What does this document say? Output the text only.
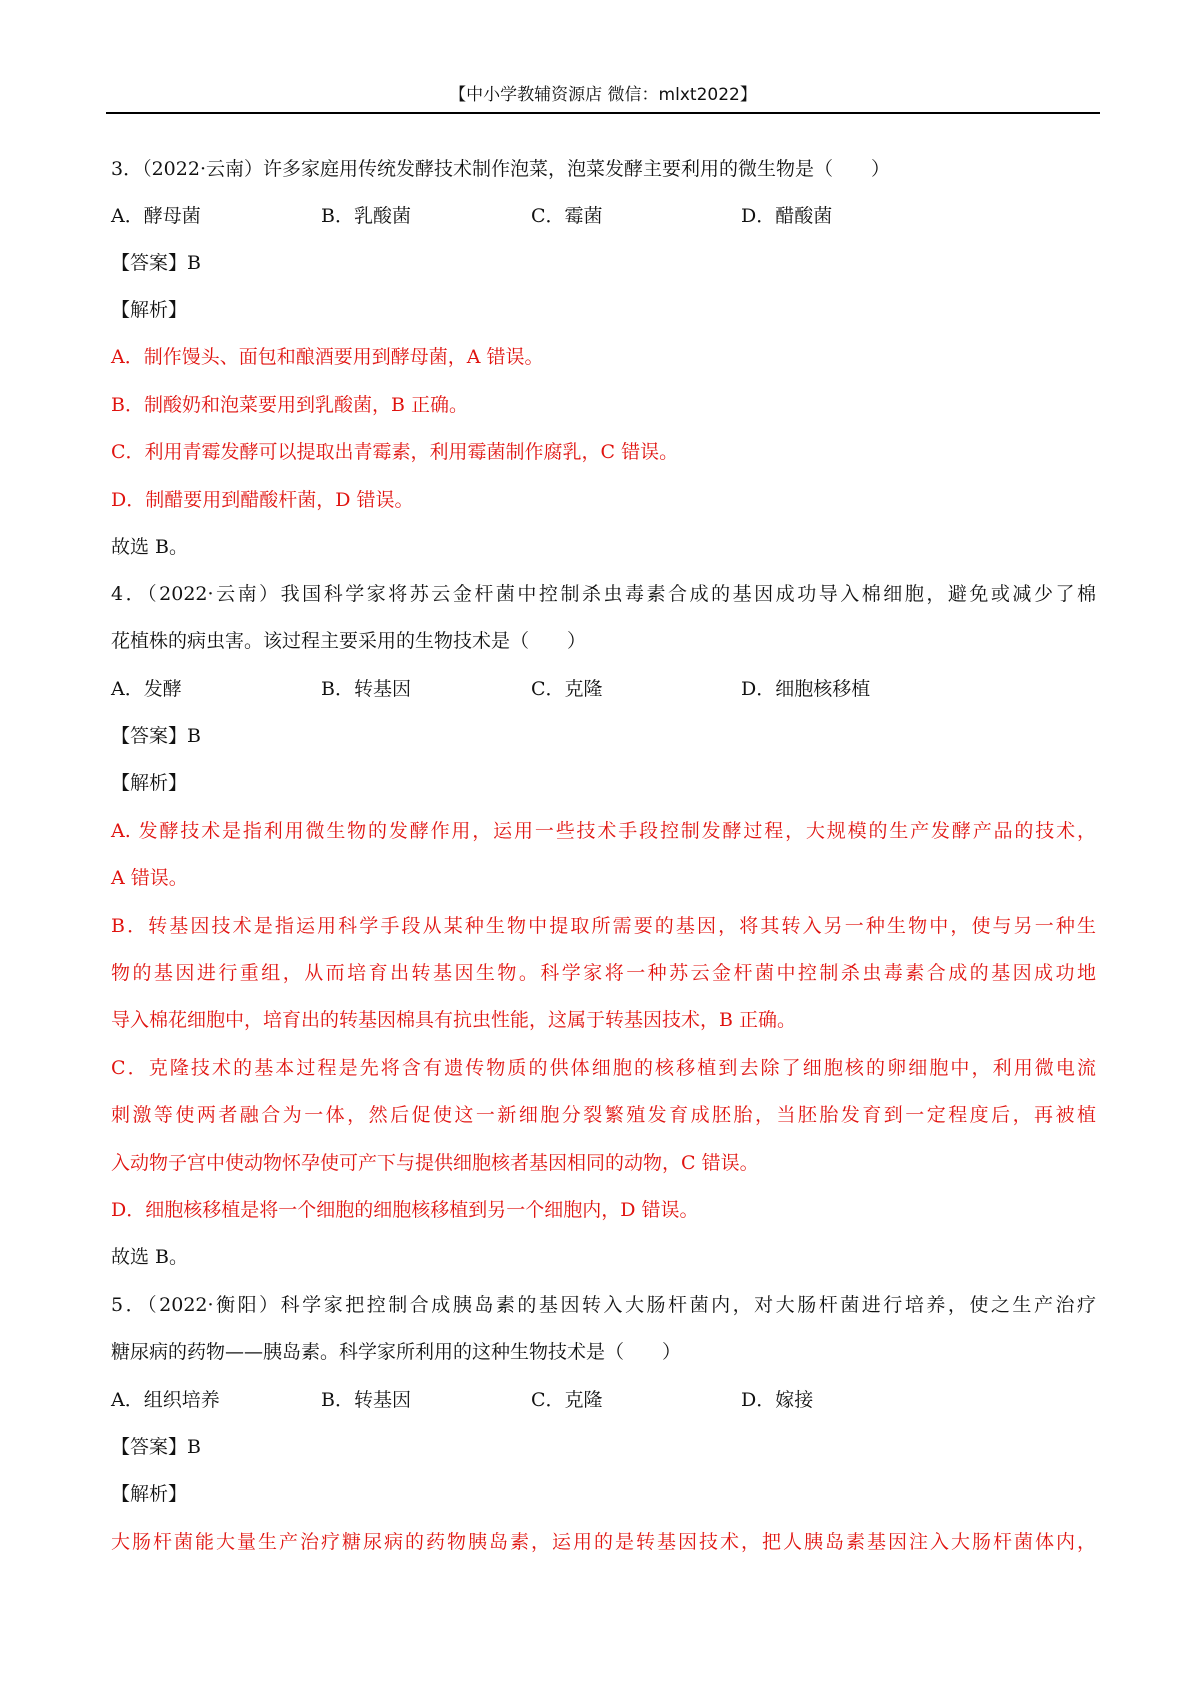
【中小学教辅资源店 微信：mlxt2022】
3．（2022·云南）许多家庭用传统发酵技术制作泡菜，泡菜发酵主要利用的微生物是（　　）
A．酵母菌	B．乳酸菌	C．霉菌	D．醋酸菌
【答案】B
【解析】
A．制作馒头、面包和酿酒要用到酵母菌，A 错误。
B．制酸奶和泡菜要用到乳酸菌，B 正确。
C．利用青霉发酵可以提取出青霉素，利用霉菌制作腐乳，C 错误。
D．制醋要用到醋酸杆菌，D 错误。
故选 B。
4．（2022·云南）我国科学家将苏云金杆菌中控制杀虫毒素合成的基因成功导入棉细胞，避免或减少了棉
花植株的病虫害。该过程主要采用的生物技术是（　　）
A．发酵	B．转基因	C．克隆	D．细胞核移植
【答案】B
【解析】
A. 发酵技术是指利用微生物的发酵作用，运用一些技术手段控制发酵过程，大规模的生产发酵产品的技术，
A 错误。
B．转基因技术是指运用科学手段从某种生物中提取所需要的基因，将其转入另一种生物中，使与另一种生
物的基因进行重组，从而培育出转基因生物。科学家将一种苏云金杆菌中控制杀虫毒素合成的基因成功地
导入棉花细胞中，培育出的转基因棉具有抗虫性能，这属于转基因技术，B 正确。
C．克隆技术的基本过程是先将含有遗传物质的供体细胞的核移植到去除了细胞核的卵细胞中，利用微电流
刺激等使两者融合为一体，然后促使这一新细胞分裂繁殖发育成胚胎，当胚胎发育到一定程度后，再被植
入动物子宫中使动物怀孕使可产下与提供细胞核者基因相同的动物，C 错误。
D．细胞核移植是将一个细胞的细胞核移植到另一个细胞内，D 错误。
故选 B。
5．（2022·衡阳）科学家把控制合成胰岛素的基因转入大肠杆菌内，对大肠杆菌进行培养，使之生产治疗
糖尿病的药物——胰岛素。科学家所利用的这种生物技术是（　　）
A．组织培养	B．转基因	C．克隆	D．嫁接
【答案】B
【解析】
大肠杆菌能大量生产治疗糖尿病的药物胰岛素，运用的是转基因技术，把人胰岛素基因注入大肠杆菌体内，
